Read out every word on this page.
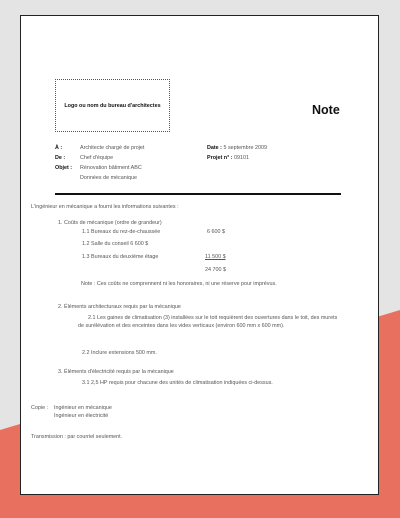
Logo ou nom du bureau d'architectes	Note
À :	Architecte chargé de projet
De :	Chef d'équipe
Objet : Rénovation bâtiment ABC
Données de mécanique
Date : 5 septembre 2009
Projet n° : 09101
L'ingénieur en mécanique a fourni les informations suivantes :
1. Coûts de mécanique (ordre de grandeur)
1.1 Bureaux du rez-de-chaussée	6 600 $
1.2 Salle du conseil 6 600 $
1.3 Bureaux du deuxième étage	11 500 $
24 700 $
Note : Ces coûts ne comprennent ni les honoraires, ni une réserve pour imprévus.
2. Éléments architecturaux requis par la mécanique
2.1 Les gaines de climatisation (3) installées sur le toit requièrent des ouvertures dans le toit, des murets de surélévation et des enceintes dans les vides verticaux (environ 600 mm x 600 mm).
2.2 Inclure extensions 500 mm.
3. Éléments d'électricité requis par la mécanique
3.1 2,5 HP requis pour chacune des unités de climatisation indiquées ci-dessus.
Copie : Ingénieur en mécanique
Ingénieur en électricité
Transmission : par courriel seulement.
